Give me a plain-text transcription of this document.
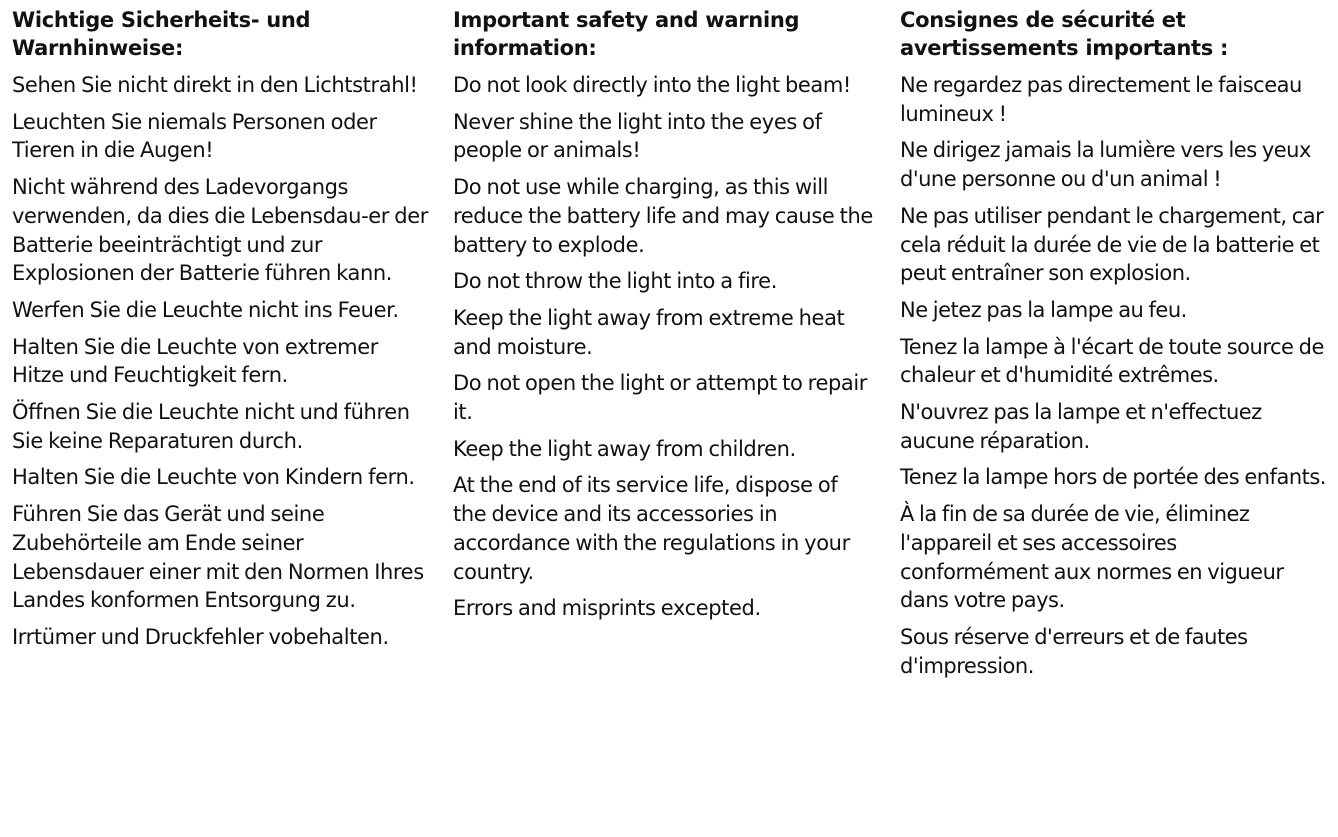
Wichtige Sicherheits- und Warnhinweise:
Sehen Sie nicht direkt in den Lichtstrahl!
Leuchten Sie niemals Personen oder Tieren in die Augen!
Nicht während des Ladevorgangs verwenden, da dies die Lebensdau-er der Batterie beeinträchtigt und zur Explosionen der Batterie führen kann.
Werfen Sie die Leuchte nicht ins Feuer.
Halten Sie die Leuchte von extremer Hitze und Feuchtigkeit fern.
Öffnen Sie die Leuchte nicht und führen Sie keine Reparaturen durch.
Halten Sie die Leuchte von Kindern fern.
Führen Sie das Gerät und seine Zubehörteile am Ende seiner Lebensdauer einer mit den Normen Ihres Landes konformen Entsorgung zu.
Irrtümer und Druckfehler vobehalten.
Important safety and warning information:
Do not look directly into the light beam!
Never shine the light into the eyes of people or animals!
Do not use while charging, as this will reduce the battery life and may cause the battery to explode.
Do not throw the light into a fire.
Keep the light away from extreme heat and moisture.
Do not open the light or attempt to repair it.
Keep the light away from children.
At the end of its service life, dispose of the device and its accessories in accordance with the regulations in your country.
Errors and misprints excepted.
Consignes de sécurité et avertissements importants :
Ne regardez pas directement le faisceau lumineux !
Ne dirigez jamais la lumière vers les yeux d'une personne ou d'un animal !
Ne pas utiliser pendant le chargement, car cela réduit la durée de vie de la batterie et peut entraîner son explosion.
Ne jetez pas la lampe au feu.
Tenez la lampe à l'écart de toute source de chaleur et d'humidité extrêmes.
N'ouvrez pas la lampe et n'effectuez aucune réparation.
Tenez la lampe hors de portée des enfants.
À la fin de sa durée de vie, éliminez l'appareil et ses accessoires conformément aux normes en vigueur dans votre pays.
Sous réserve d'erreurs et de fautes d'impression.
